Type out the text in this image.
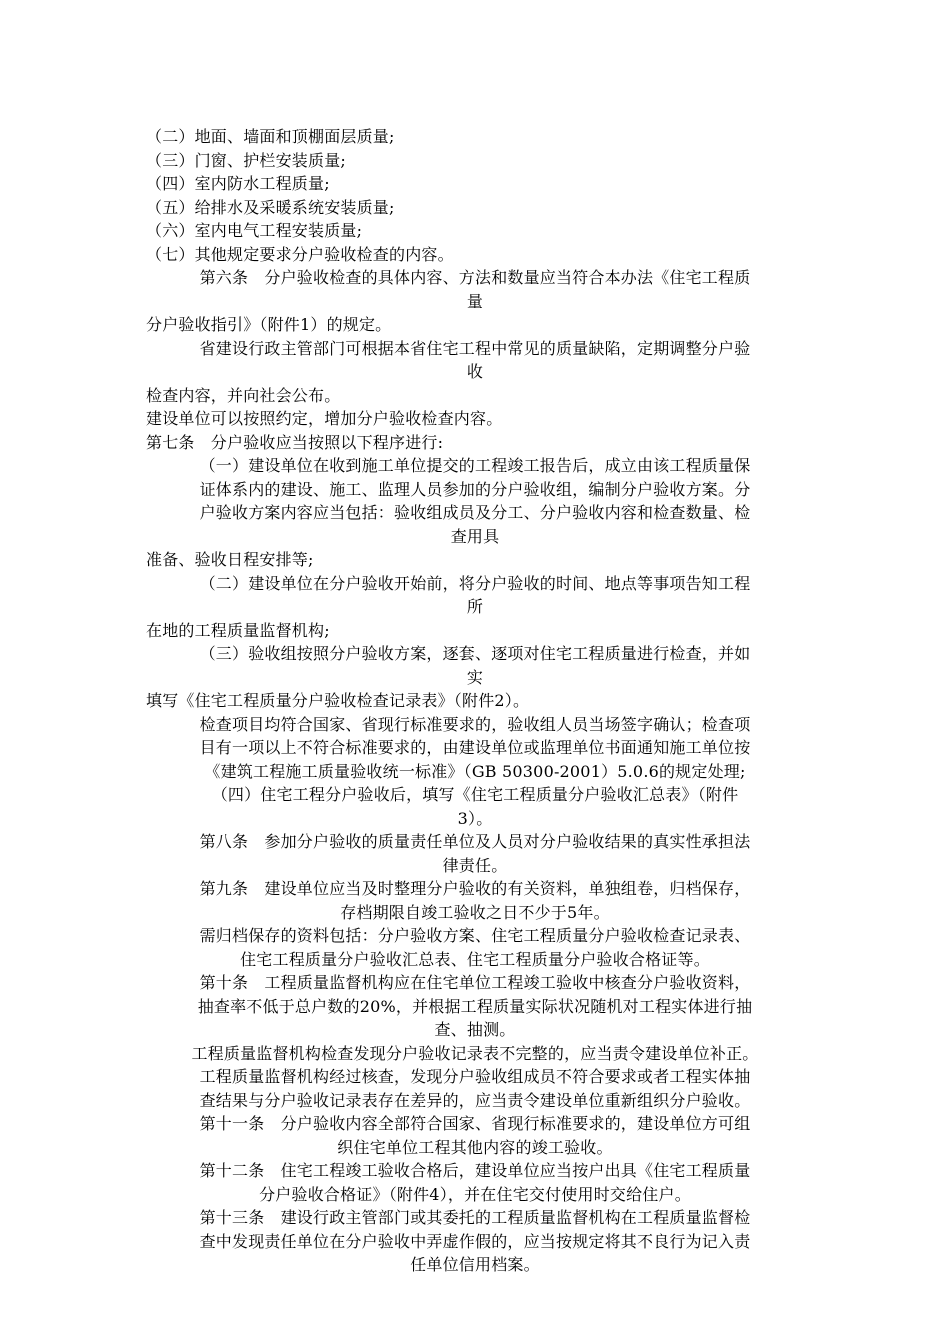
（二）地面、墙面和顶棚面层质量;
（三）门窗、护栏安装质量;
（四）室内防水工程质量;
（五）给排水及采暖系统安装质量;
（六）室内电气工程安装质量;
（七）其他规定要求分户验收检查的内容。
第六条　分户验收检查的具体内容、方法和数量应当符合本办法《住宅工程质
量
分户验收指引》（附件1）的规定。
省建设行政主管部门可根据本省住宅工程中常见的质量缺陷，定期调整分户验
收
检查内容，并向社会公布。
建设单位可以按照约定，增加分户验收检查内容。
第七条　分户验收应当按照以下程序进行:
（一）建设单位在收到施工单位提交的工程竣工报告后，成立由该工程质量保
证体系内的建设、施工、监理人员参加的分户验收组，编制分户验收方案。分
户验收方案内容应当包括：验收组成员及分工、分户验收内容和检查数量、检
查用具
准备、验收日程安排等;
（二）建设单位在分户验收开始前，将分户验收的时间、地点等事项告知工程
所
在地的工程质量监督机构;
（三）验收组按照分户验收方案，逐套、逐项对住宅工程质量进行检查，并如
实
填写《住宅工程质量分户验收检查记录表》（附件2）。
检查项目均符合国家、省现行标准要求的，验收组人员当场签字确认；检查项
目有一项以上不符合标准要求的，由建设单位或监理单位书面通知施工单位按
《建筑工程施工质量验收统一标准》（GB 50300-2001）5.0.6的规定处理;
（四）住宅工程分户验收后，填写《住宅工程质量分户验收汇总表》（附件
3）。
第八条　参加分户验收的质量责任单位及人员对分户验收结果的真实性承担法
律责任。
第九条　建设单位应当及时整理分户验收的有关资料，单独组卷，归档保存，
存档期限自竣工验收之日不少于5年。
需归档保存的资料包括：分户验收方案、住宅工程质量分户验收检查记录表、
住宅工程质量分户验收汇总表、住宅工程质量分户验收合格证等。
第十条　工程质量监督机构应在住宅单位工程竣工验收中核查分户验收资料，
抽查率不低于总户数的20%，并根据工程质量实际状况随机对工程实体进行抽
查、抽测。
工程质量监督机构检查发现分户验收记录表不完整的，应当责令建设单位补正。
工程质量监督机构经过核查，发现分户验收组成员不符合要求或者工程实体抽
查结果与分户验收记录表存在差异的，应当责令建设单位重新组织分户验收。
第十一条　分户验收内容全部符合国家、省现行标准要求的，建设单位方可组
织住宅单位工程其他内容的竣工验收。
第十二条　住宅工程竣工验收合格后，建设单位应当按户出具《住宅工程质量
分户验收合格证》（附件4），并在住宅交付使用时交给住户。
第十三条　建设行政主管部门或其委托的工程质量监督机构在工程质量监督检
查中发现责任单位在分户验收中弄虚作假的，应当按规定将其不良行为记入责
任单位信用档案。
